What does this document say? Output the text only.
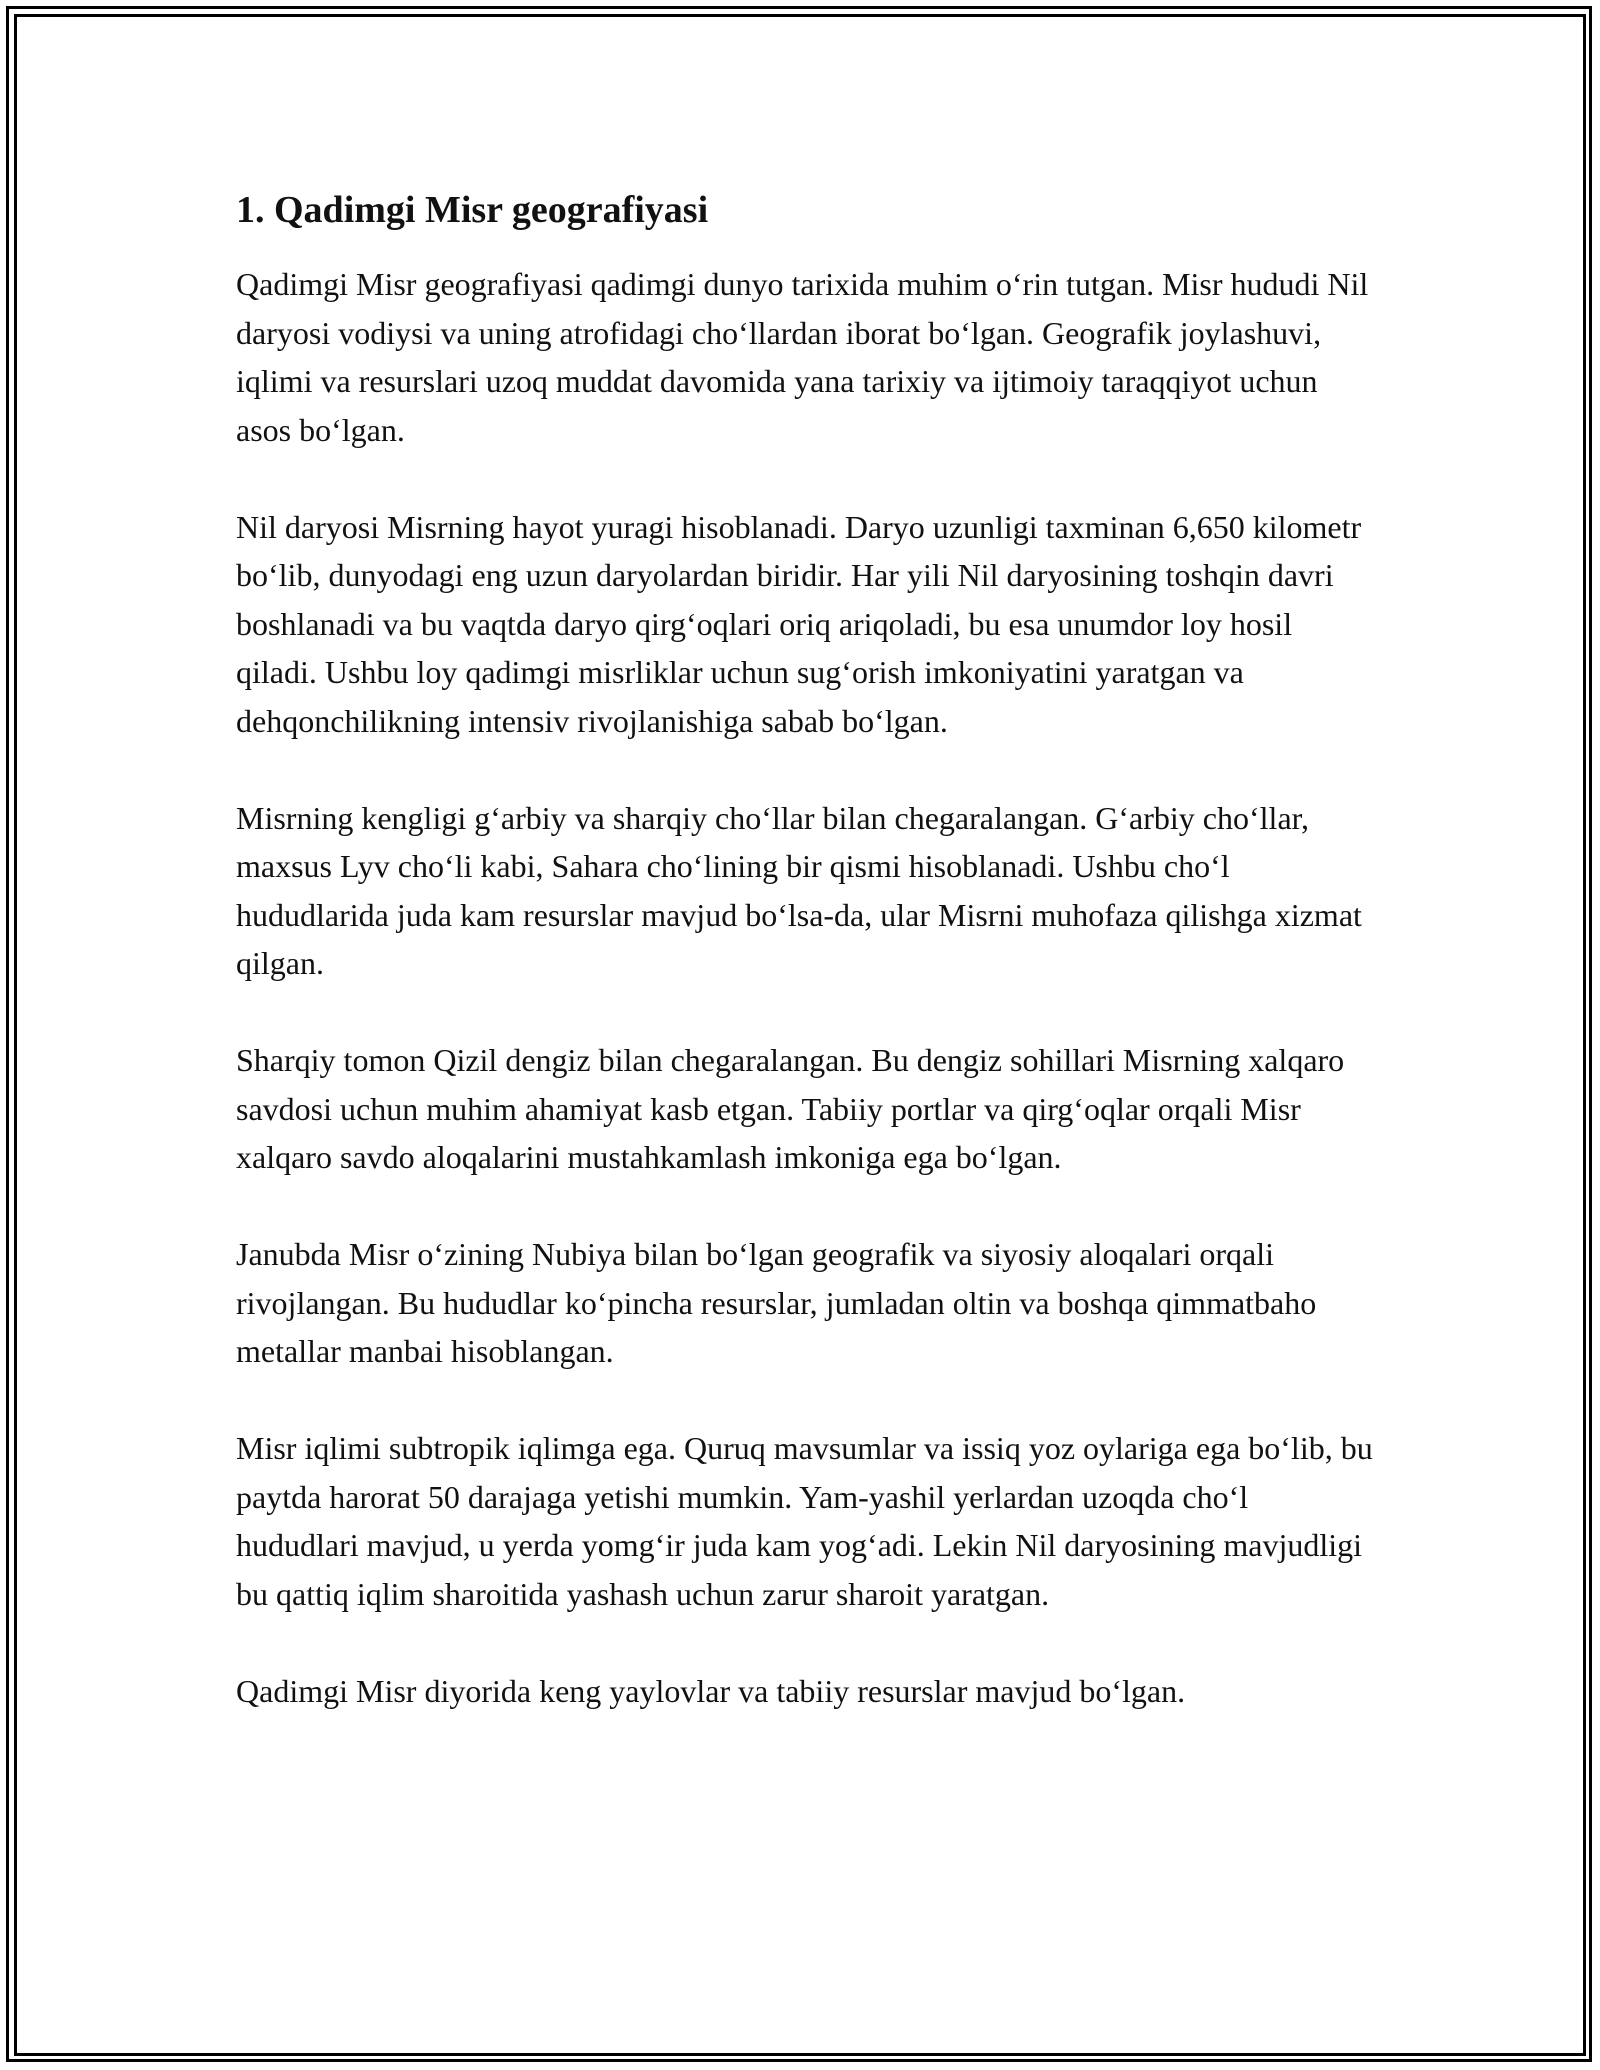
1. Qadimgi Misr geografiyasi

Qadimgi Misr geografiyasi qadimgi dunyo tarixida muhim o‘rin tutgan. Misr hududi Nil daryosi vodiysi va uning atrofidagi cho‘llardan iborat bo‘lgan. Geografik joylashuvi, iqlimi va resurslari uzoq muddat davomida yana tarixiy va ijtimoiy taraqqiyot uchun asos bo‘lgan.

Nil daryosi Misrning hayot yuragi hisoblanadi. Daryo uzunligi taxminan 6,650 kilometr bo‘lib, dunyodagi eng uzun daryolardan biridir. Har yili Nil daryosining toshqin davri boshlanadi va bu vaqtda daryo qirg‘oqlari oriq ariqoladi, bu esa unumdor loy hosil qiladi. Ushbu loy qadimgi misrliklar uchun sug‘orish imkoniyatini yaratgan va dehqonchilikning intensiv rivojlanishiga sabab bo‘lgan.

Misrning kengligi g‘arbiy va sharqiy cho‘llar bilan chegaralangan. G‘arbiy cho‘llar, maxsus Lyv cho‘li kabi, Sahara cho‘lining bir qismi hisoblanadi. Ushbu cho‘l hududlarida juda kam resurslar mavjud bo‘lsa-da, ular Misrni muhofaza qilishga xizmat qilgan.

Sharqiy tomon Qizil dengiz bilan chegaralangan. Bu dengiz sohillari Misrning xalqaro savdosi uchun muhim ahamiyat kasb etgan. Tabiiy portlar va qirg‘oqlar orqali Misr xalqaro savdo aloqalarini mustahkamlash imkoniga ega bo‘lgan.

Janubda Misr o‘zining Nubiya bilan bo‘lgan geografik va siyosiy aloqalari orqali rivojlangan. Bu hududlar ko‘pincha resurslar, jumladan oltin va boshqa qimmatbaho metallar manbai hisoblangan.

Misr iqlimi subtropik iqlimga ega. Quruq mavsumlar va issiq yoz oylariga ega bo‘lib, bu paytda harorat 50 darajaga yetishi mumkin. Yam-yashil yerlardan uzoqda cho‘l hududlari mavjud, u yerda yomg‘ir juda kam yog‘adi. Lekin Nil daryosining mavjudligi bu qattiq iqlim sharoitida yashash uchun zarur sharoit yaratgan.

Qadimgi Misr diyorida keng yaylovlar va tabiiy resurslar mavjud bo‘lgan.
